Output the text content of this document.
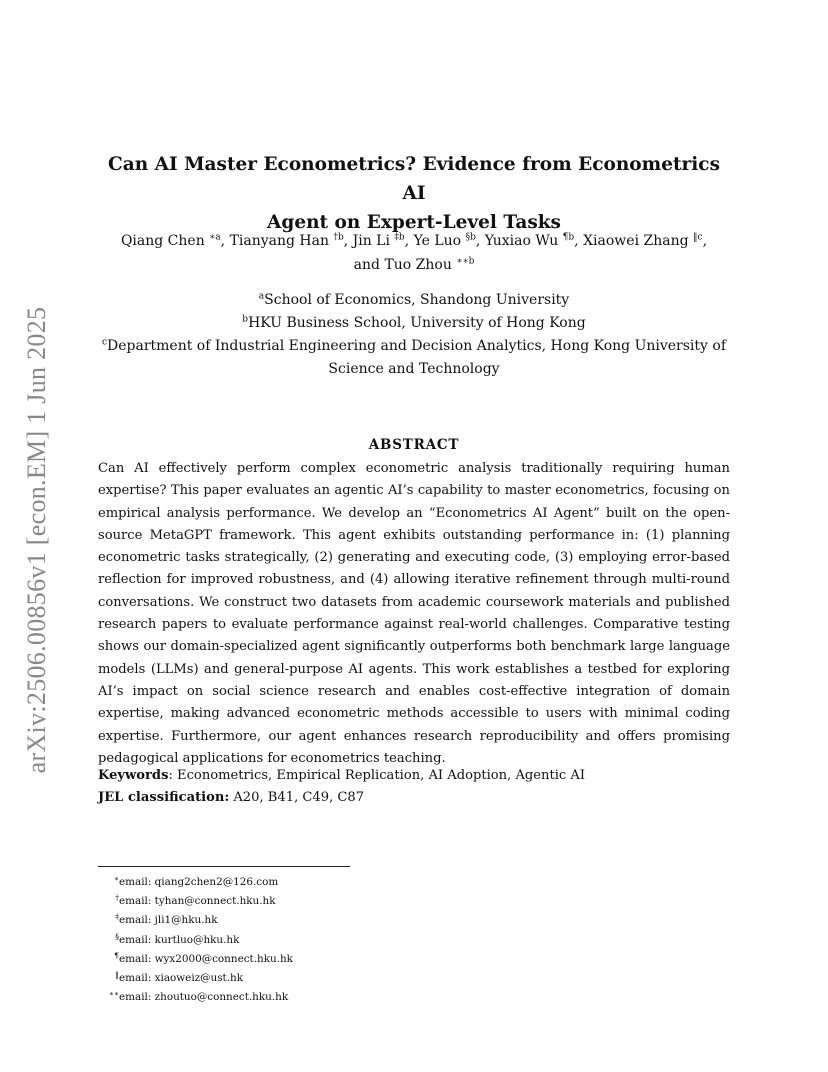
arXiv:2506.00856v1 [econ.EM] 1 Jun 2025
Can AI Master Econometrics? Evidence from Econometrics AI
Agent on Expert-Level Tasks
Qiang Chen $^{∗a}$, Tianyang Han $^{\dagger b}$, Jin Li $^{\ddagger b}$, Ye Luo $^{\S b}$, Yuxiao Wu $^{\P b}$, Xiaowei Zhang $^{‖c}$,
and Tuo Zhou $^{∗∗b}$
$^a$School of Economics, Shandong University
$^b$HKU Business School, University of Hong Kong
$^c$Department of Industrial Engineering and Decision Analytics, Hong Kong University of Science and Technology
ABSTRACT
Can AI effectively perform complex econometric analysis traditionally requiring human expertise? This paper evaluates an agentic AI’s capability to master econometrics, focusing on empirical analysis performance. We develop an “Econometrics AI Agent” built on the open-source MetaGPT framework. This agent exhibits outstanding performance in: (1) planning econometric tasks strategically, (2) generating and executing code, (3) employing error-based reflection for improved robustness, and (4) allowing iterative refinement through multi-round conversations. We construct two datasets from academic coursework materials and published research papers to evaluate performance against real-world challenges. Comparative testing shows our domain-specialized agent significantly outperforms both benchmark large language models (LLMs) and general-purpose AI agents. This work establishes a testbed for exploring AI’s impact on social science research and enables cost-effective integration of domain expertise, making advanced econometric methods accessible to users with minimal coding expertise. Furthermore, our agent enhances research reproducibility and offers promising pedagogical applications for econometrics teaching.
Keywords: Econometrics, Empirical Replication, AI Adoption, Agentic AI
JEL classification: A20, B41, C49, C87
∗email: qiang2chen2@126.com
†email: tyhan@connect.hku.hk
‡email: jli1@hku.hk
§email: kurtluo@hku.hk
¶email: wyx2000@connect.hku.hk
‖email: xiaoweiz@ust.hk
∗∗email: zhoutuo@connect.hku.hk
